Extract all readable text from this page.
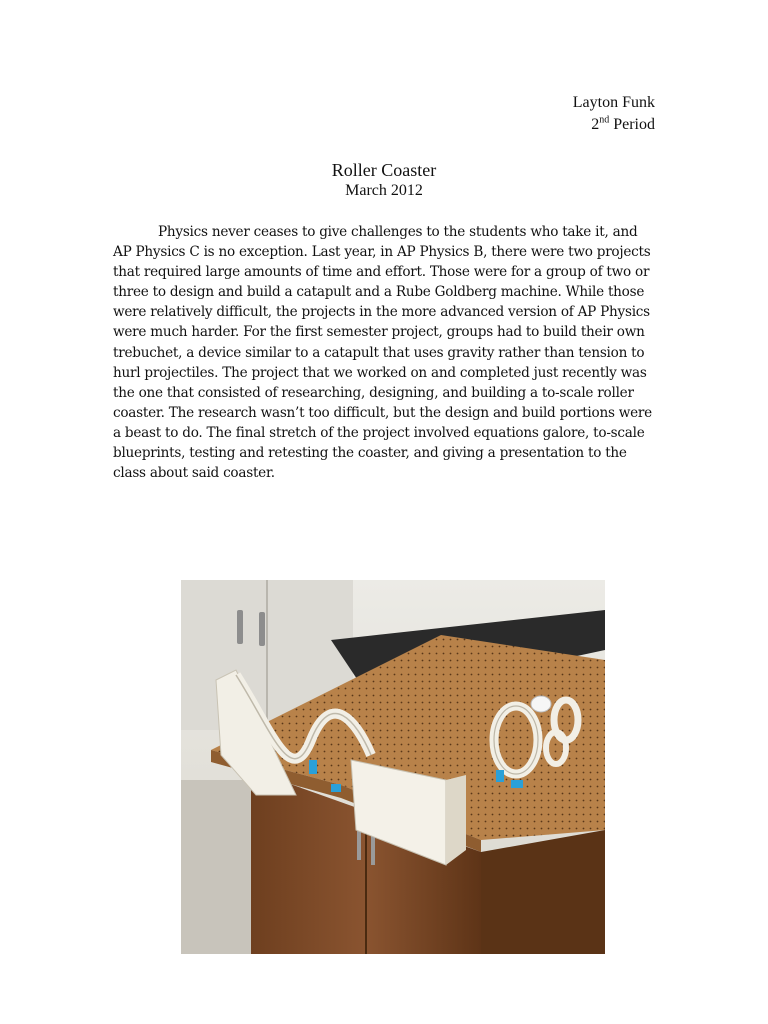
Layton Funk
2nd Period
Roller Coaster
March 2012

Physics never ceases to give challenges to the students who take it, and AP Physics C is no exception. Last year, in AP Physics B, there were two projects that required large amounts of time and effort. Those were for a group of two or three to design and build a catapult and a Rube Goldberg machine. While those were relatively difficult, the projects in the more advanced version of AP Physics were much harder. For the first semester project, groups had to build their own trebuchet, a device similar to a catapult that uses gravity rather than tension to hurl projectiles. The project that we worked on and completed just recently was the one that consisted of researching, designing, and building a to-scale roller coaster. The research wasn’t too difficult, but the design and build portions were a beast to do. The final stretch of the project involved equations galore, to-scale blueprints, testing and retesting the coaster, and giving a presentation to the class about said coaster.
